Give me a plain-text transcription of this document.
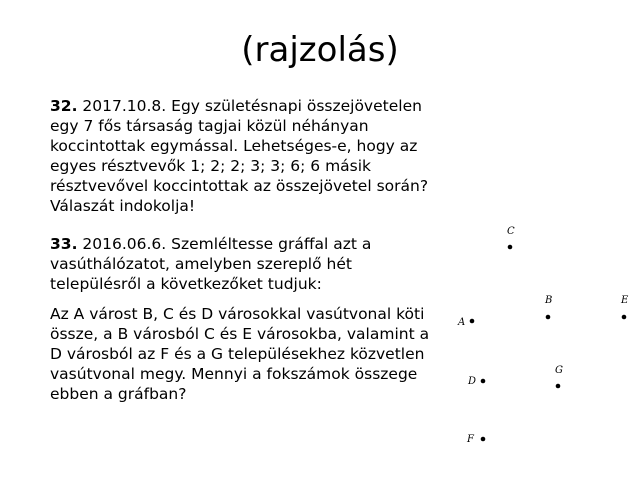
(rajzolás)
32. 2017.10.8. Egy születésnapi összejövetelen egy 7 fős társaság tagjai közül néhányan koccintottak egymással. Lehetséges-e, hogy az egyes résztvevők 1; 2; 2; 3; 3; 6; 6 másik résztvevővel koccintottak az összejövetel során? Válaszát indokolja!
33. 2016.06.6. Szemléltesse gráffal azt a vasúthálózatot, amelyben szereplő hét településről a következőket tudjuk:
Az A várost B, C és D városokkal vasútvonal köti össze, a B városból C és E városokba, valamint a D városból az F és a G településekhez közvetlen vasútvonal megy. Mennyi a fokszámok összege ebben a gráfban?
C
B	E
A
G
D
F
